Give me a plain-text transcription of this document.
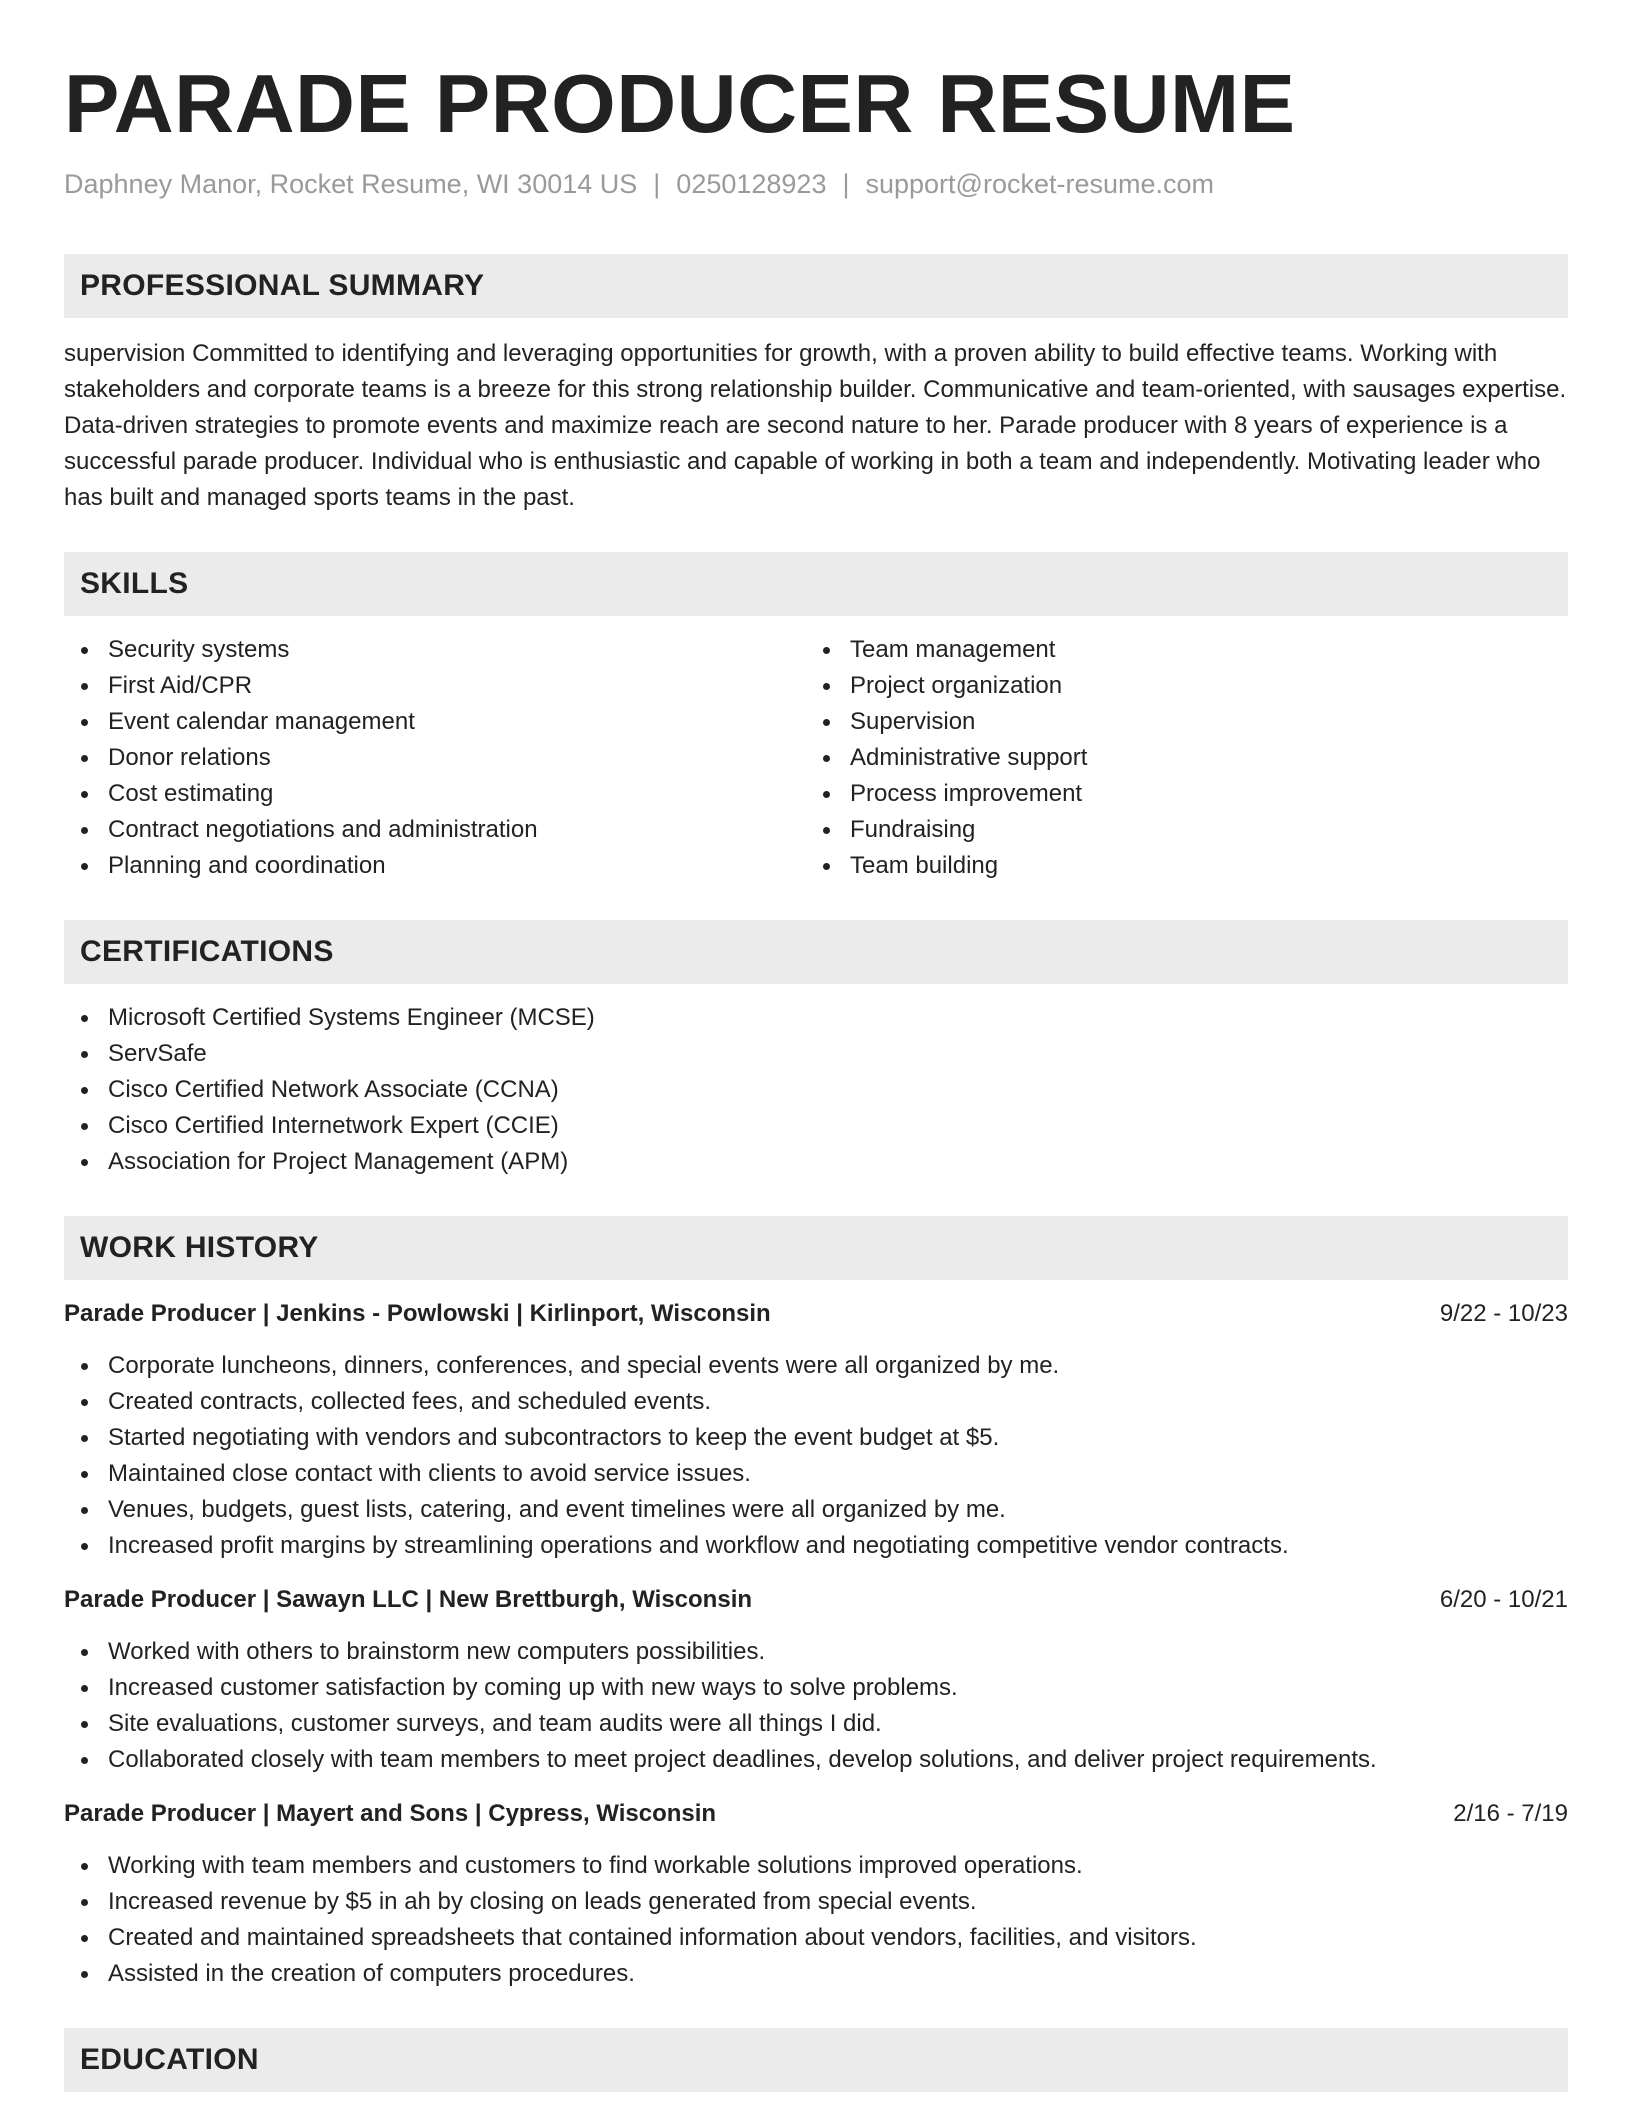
PARADE PRODUCER RESUME
Daphney Manor, Rocket Resume, WI 30014 US | 0250128923 | support@rocket-resume.com
PROFESSIONAL SUMMARY

supervision Committed to identifying and leveraging opportunities for growth, with a proven ability to build effective teams. Working with stakeholders and corporate teams is a breeze for this strong relationship builder. Communicative and team-oriented, with sausages expertise. Data-driven strategies to promote events and maximize reach are second nature to her. Parade producer with 8 years of experience is a successful parade producer. Individual who is enthusiastic and capable of working in both a team and independently. Motivating leader who has built and managed sports teams in the past.

SKILLS
Security systems
First Aid/CPR
Event calendar management
Donor relations
Cost estimating
Contract negotiations and administration
Planning and coordination
Team management
Project organization
Supervision
Administrative support
Process improvement
Fundraising
Team building
CERTIFICATIONS
Microsoft Certified Systems Engineer (MCSE)
ServSafe
Cisco Certified Network Associate (CCNA)
Cisco Certified Internetwork Expert (CCIE)
Association for Project Management (APM)
WORK HISTORY
Parade Producer | Jenkins - Powlowski | Kirlinport, Wisconsin	9/22 - 10/23
Corporate luncheons, dinners, conferences, and special events were all organized by me.
Created contracts, collected fees, and scheduled events.
Started negotiating with vendors and subcontractors to keep the event budget at $5.
Maintained close contact with clients to avoid service issues.
Venues, budgets, guest lists, catering, and event timelines were all organized by me.
Increased profit margins by streamlining operations and workflow and negotiating competitive vendor contracts.
Parade Producer | Sawayn LLC | New Brettburgh, Wisconsin	6/20 - 10/21
Worked with others to brainstorm new computers possibilities.
Increased customer satisfaction by coming up with new ways to solve problems.
Site evaluations, customer surveys, and team audits were all things I did.
Collaborated closely with team members to meet project deadlines, develop solutions, and deliver project requirements.
Parade Producer | Mayert and Sons | Cypress, Wisconsin	2/16 - 7/19
Working with team members and customers to find workable solutions improved operations.
Increased revenue by $5 in ah by closing on leads generated from special events.
Created and maintained spreadsheets that contained information about vendors, facilities, and visitors.
Assisted in the creation of computers procedures.
EDUCATION
